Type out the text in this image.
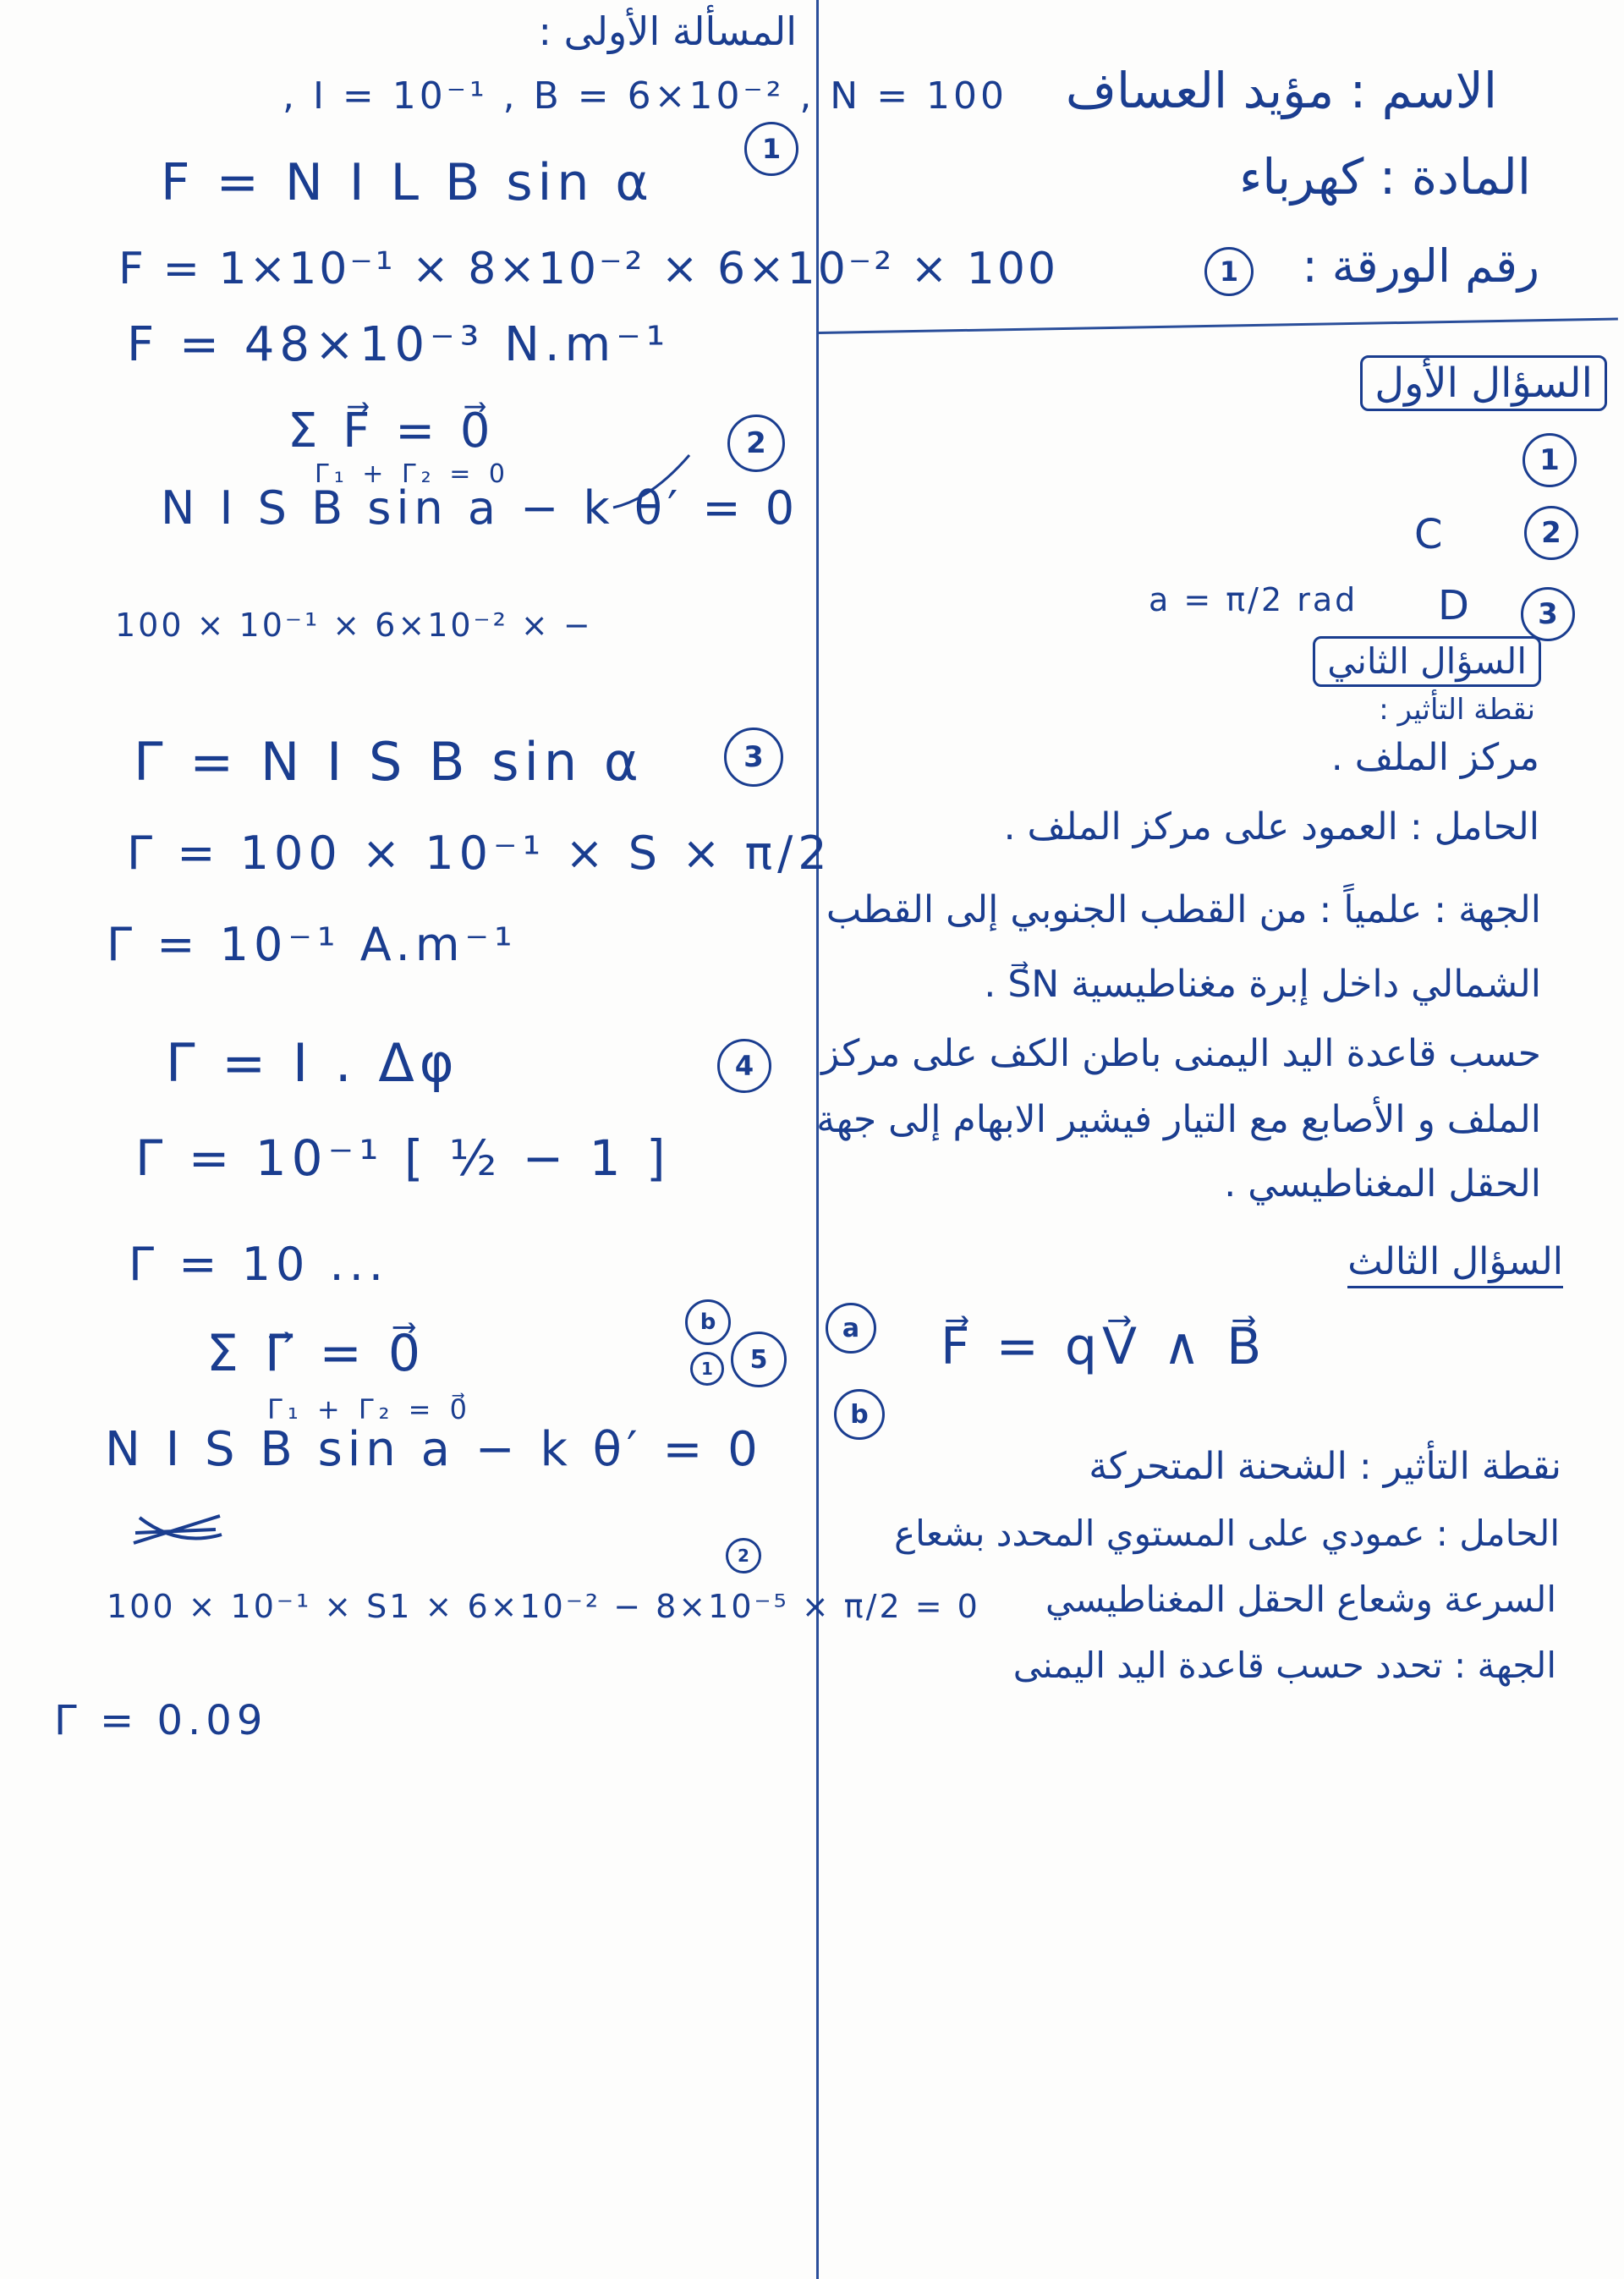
الاسم : مؤيد العساف
المادة : كهرباء
رقم الورقة :
1
السؤال الأول
1
2
C
3
D
a = π/2 rad
السؤال الثاني
نقطة التأثير :
مركز الملف .
الحامل : العمود على مركز الملف .
الجهة : علمياً : من القطب الجنوبي إلى القطب
الشمالي داخل إبرة مغناطيسية S⃗N .
حسب قاعدة اليد اليمنى باطن الكف على مركز
الملف و الأصابع مع التيار فيشير الابهام إلى جهة
الحقل المغناطيسي .
السؤال الثالث
a	F⃗ = qV⃗ ∧ B⃗
b
نقطة التأثير : الشحنة المتحركة
الحامل : عمودي على المستوي المحدد بشعاع
السرعة وشعاع الحقل المغناطيسي
الجهة : تحدد حسب قاعدة اليد اليمنى
المسألة الأولى :
, I = 10⁻¹ , B = 6×10⁻² , N = 100
1
F = N I L B sin α
F = 1×10⁻¹ × 8×10⁻² × 6×10⁻² × 100
F = 48×10⁻³ N.m⁻¹
2
Σ F⃗ = 0⃗
Γ₁ + Γ₂ = 0
N I S B sin a − k θ′ = 0
100 × 10⁻¹ × 6×10⁻² × −
3
Γ = N I S B sin α
Γ = 100 × 10⁻¹ × S × π/2
Γ = 10⁻¹ A.m⁻¹
4
Γ = I . Δφ
Γ = 10⁻¹ [ ½ − 1 ]
Γ = 10 ...
b
1	5
Σ Γ⃗ = 0⃗
Γ₁ + Γ₂ = 0⃗
N I S B sin a − k θ′ = 0
2
100 × 10⁻¹ × S1 × 6×10⁻² − 8×10⁻⁵ × π/2 = 0
Γ = 0.09
